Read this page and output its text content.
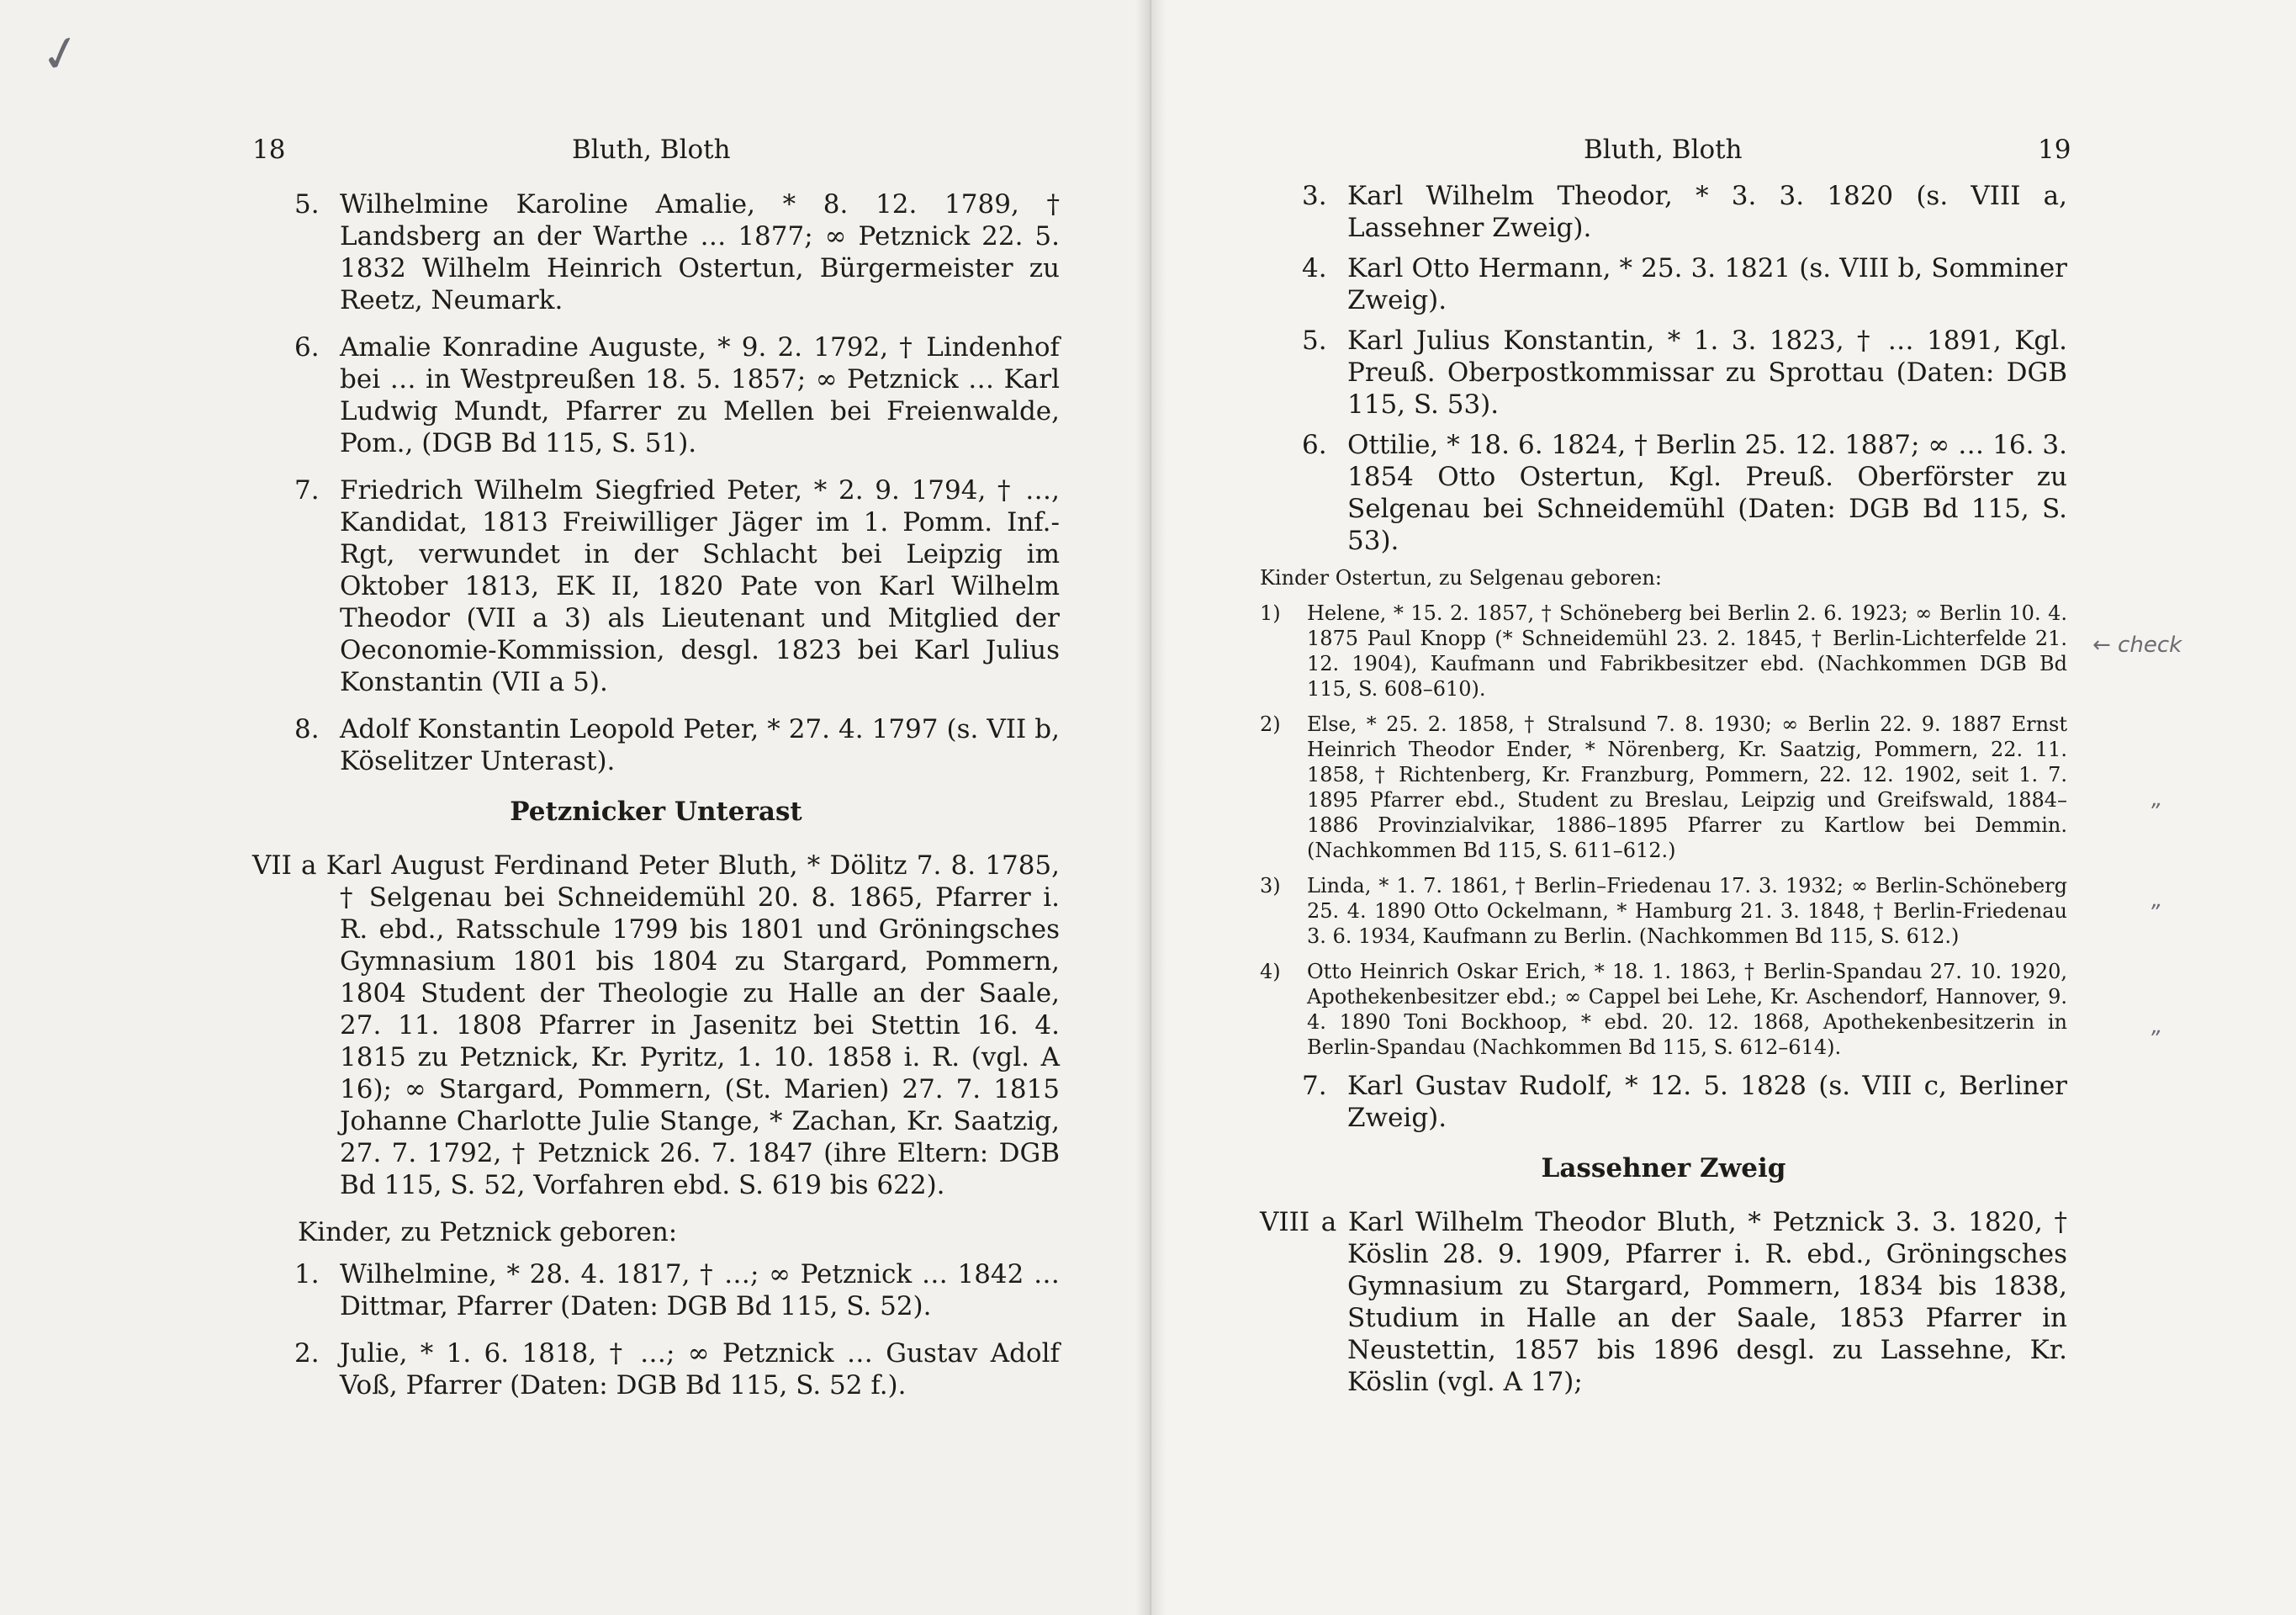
18	Bluth, Bloth
5. Wilhelmine Karoline Amalie, * 8. 12. 1789, † Landsberg an der Warthe … 1877; ∞ Petznick 22. 5. 1832 Wilhelm Heinrich Ostertun, Bürgermeister zu Reetz, Neumark.
6. Amalie Konradine Auguste, * 9. 2. 1792, † Lindenhof bei … in Westpreußen 18. 5. 1857; ∞ Petznick … Karl Ludwig Mundt, Pfarrer zu Mellen bei Freienwalde, Pom., (DGB Bd 115, S. 51).
7. Friedrich Wilhelm Siegfried Peter, * 2. 9. 1794, † …, Kandidat, 1813 Freiwilliger Jäger im 1. Pomm. Inf.-Rgt, verwundet in der Schlacht bei Leipzig im Oktober 1813, EK II, 1820 Pate von Karl Wilhelm Theodor (VII a 3) als Lieutenant und Mitglied der Oeconomie-Kommission, desgl. 1823 bei Karl Julius Konstantin (VII a 5).
8. Adolf Konstantin Leopold Peter, * 27. 4. 1797 (s. VII b, Köselitzer Unterast).
Petznicker Unterast
VII a Karl August Ferdinand Peter Bluth, * Dölitz 7. 8. 1785, † Selgenau bei Schneidemühl 20. 8. 1865, Pfarrer i. R. ebd., Ratsschule 1799 bis 1801 und Gröningsches Gymnasium 1801 bis 1804 zu Stargard, Pommern, 1804 Student der Theologie zu Halle an der Saale, 27. 11. 1808 Pfarrer in Jasenitz bei Stettin 16. 4. 1815 zu Petznick, Kr. Pyritz, 1. 10. 1858 i. R. (vgl. A 16); ∞ Stargard, Pommern, (St. Marien) 27. 7. 1815 Johanne Charlotte Julie Stange, * Zachan, Kr. Saatzig, 27. 7. 1792, † Petznick 26. 7. 1847 (ihre Eltern: DGB Bd 115, S. 52, Vorfahren ebd. S. 619 bis 622).
Kinder, zu Petznick geboren:
1. Wilhelmine, * 28. 4. 1817, † …; ∞ Petznick … 1842 … Dittmar, Pfarrer (Daten: DGB Bd 115, S. 52).
2. Julie, * 1. 6. 1818, † …; ∞ Petznick … Gustav Adolf Voß, Pfarrer (Daten: DGB Bd 115, S. 52 f.).
✓
19
Bluth, Bloth
3. Karl Wilhelm Theodor, * 3. 3. 1820 (s. VIII a, Lassehner Zweig).
4. Karl Otto Hermann, * 25. 3. 1821 (s. VIII b, Somminer Zweig).
5. Karl Julius Konstantin, * 1. 3. 1823, † … 1891, Kgl. Preuß. Oberpostkommissar zu Sprottau (Daten: DGB 115, S. 53).
6. Ottilie, * 18. 6. 1824, † Berlin 25. 12. 1887; ∞ … 16. 3. 1854 Otto Ostertun, Kgl. Preuß. Oberförster zu Selgenau bei Schneidemühl (Daten: DGB Bd 115, S. 53).
Kinder Ostertun, zu Selgenau geboren:
1) Helene, * 15. 2. 1857, † Schöneberg bei Berlin 2. 6. 1923; ∞ Berlin 10. 4. 1875 Paul Knopp (* Schneidemühl 23. 2. 1845, † Berlin-Lichterfelde 21. 12. 1904), Kaufmann und Fabrikbesitzer ebd. (Nachkommen DGB Bd 115, S. 608–610).
2) Else, * 25. 2. 1858, † Stralsund 7. 8. 1930; ∞ Berlin 22. 9. 1887 Ernst Heinrich Theodor Ender, * Nörenberg, Kr. Saatzig, Pommern, 22. 11. 1858, † Richtenberg, Kr. Franzburg, Pommern, 22. 12. 1902, seit 1. 7. 1895 Pfarrer ebd., Student zu Breslau, Leipzig und Greifswald, 1884–1886 Provinzialvikar, 1886–1895 Pfarrer zu Kartlow bei Demmin. (Nachkommen Bd 115, S. 611–612.)
3) Linda, * 1. 7. 1861, † Berlin–Friedenau 17. 3. 1932; ∞ Berlin-Schöneberg 25. 4. 1890 Otto Ockelmann, * Hamburg 21. 3. 1848, † Berlin-Friedenau 3. 6. 1934, Kaufmann zu Berlin. (Nachkommen Bd 115, S. 612.)
4) Otto Heinrich Oskar Erich, * 18. 1. 1863, † Berlin-Spandau 27. 10. 1920, Apothekenbesitzer ebd.; ∞ Cappel bei Lehe, Kr. Aschendorf, Hannover, 9. 4. 1890 Toni Bockhoop, * ebd. 20. 12. 1868, Apothekenbesitzerin in Berlin-Spandau (Nachkommen Bd 115, S. 612–614).
7. Karl Gustav Rudolf, * 12. 5. 1828 (s. VIII c, Berliner Zweig).
Lassehner Zweig
VIII a Karl Wilhelm Theodor Bluth, * Petznick 3. 3. 1820, † Köslin 28. 9. 1909, Pfarrer i. R. ebd., Gröningsches Gymnasium zu Stargard, Pommern, 1834 bis 1838, Studium in Halle an der Saale, 1853 Pfarrer in Neustettin, 1857 bis 1896 desgl. zu Lassehne, Kr. Köslin (vgl. A 17);
← check
„
„
„
